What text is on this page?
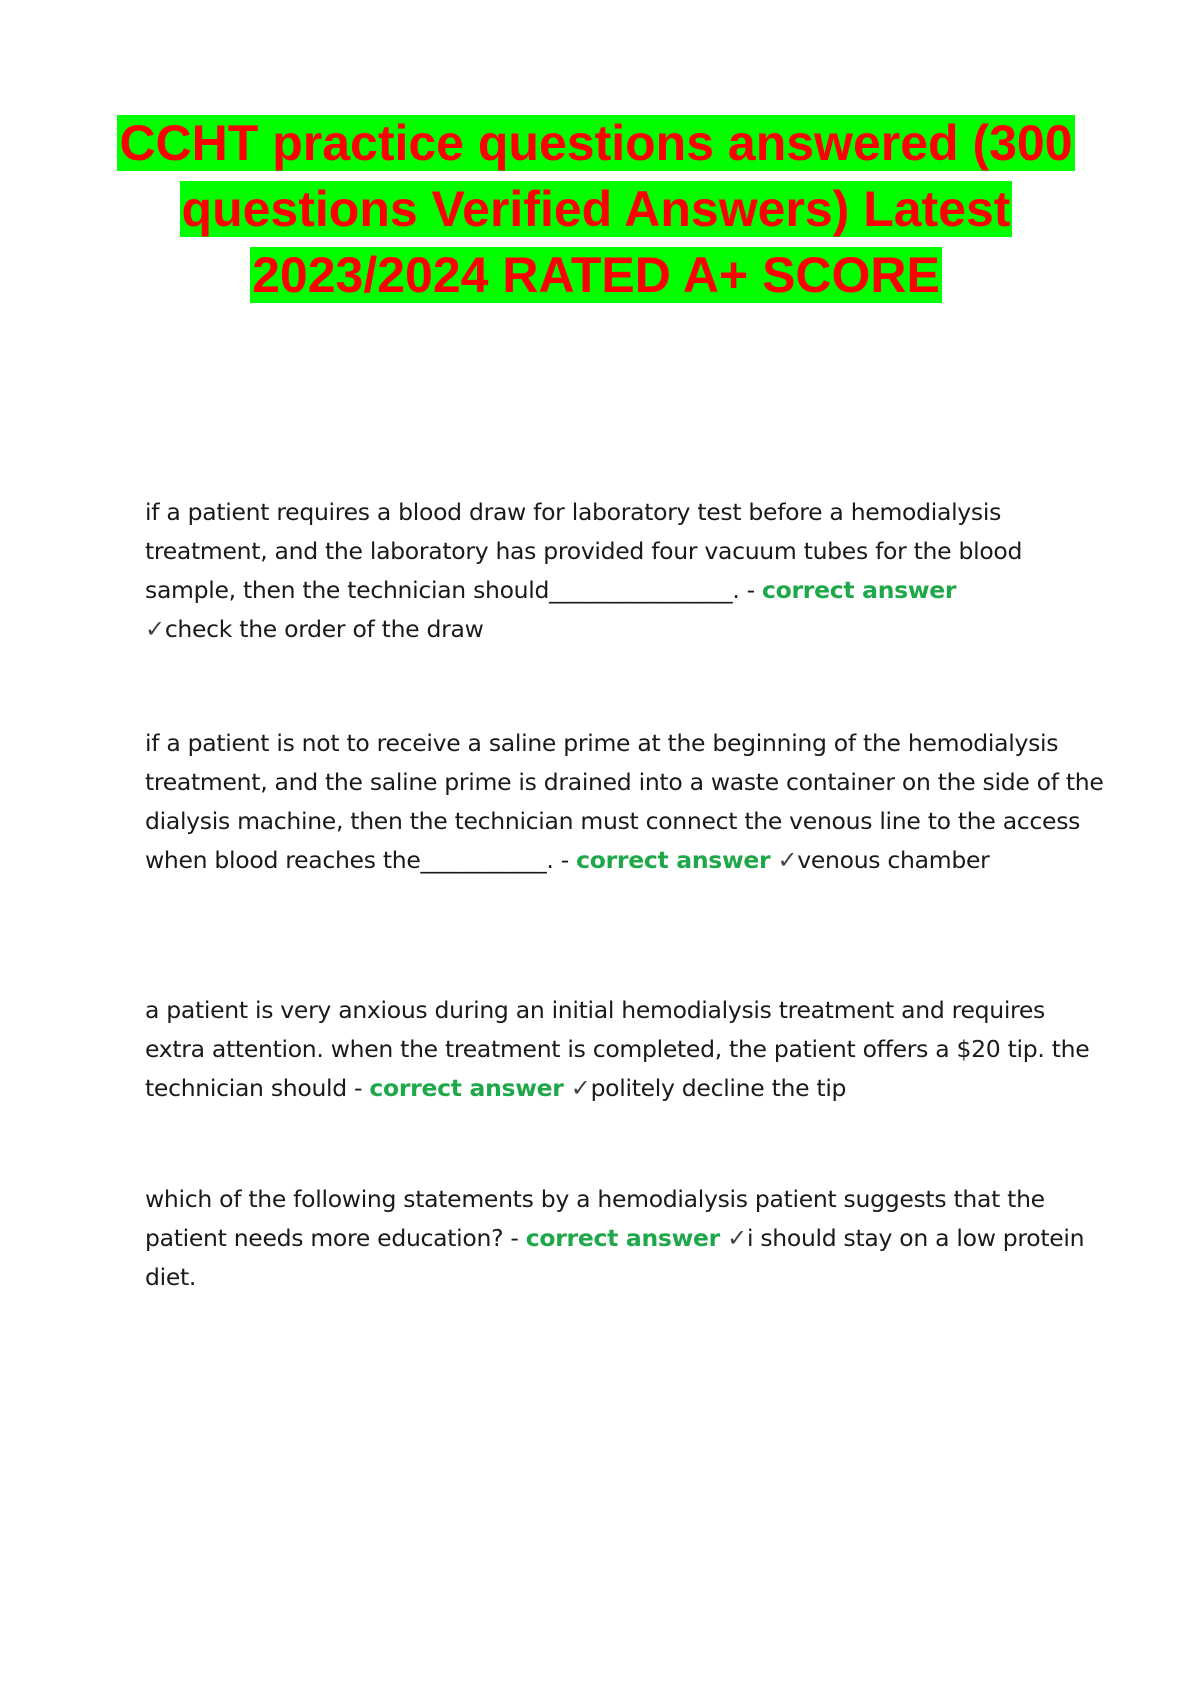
CCHT practice questions answered (300
questions Verified Answers) Latest
2023/2024 RATED A+ SCORE
if a patient requires a blood draw for laboratory test before a hemodialysis treatment, and the laboratory has provided four vacuum tubes for the blood sample, then the technician should________________. - correct answer
✓check the order of the draw
if a patient is not to receive a saline prime at the beginning of the hemodialysis treatment, and the saline prime is drained into a waste container on the side of the dialysis machine, then the technician must connect the venous line to the access when blood reaches the___________. - correct answer ✓venous chamber
a patient is very anxious during an initial hemodialysis treatment and requires extra attention. when the treatment is completed, the patient offers a $20 tip. the technician should - correct answer ✓politely decline the tip
which of the following statements by a hemodialysis patient suggests that the patient needs more education? - correct answer ✓i should stay on a low protein diet.
